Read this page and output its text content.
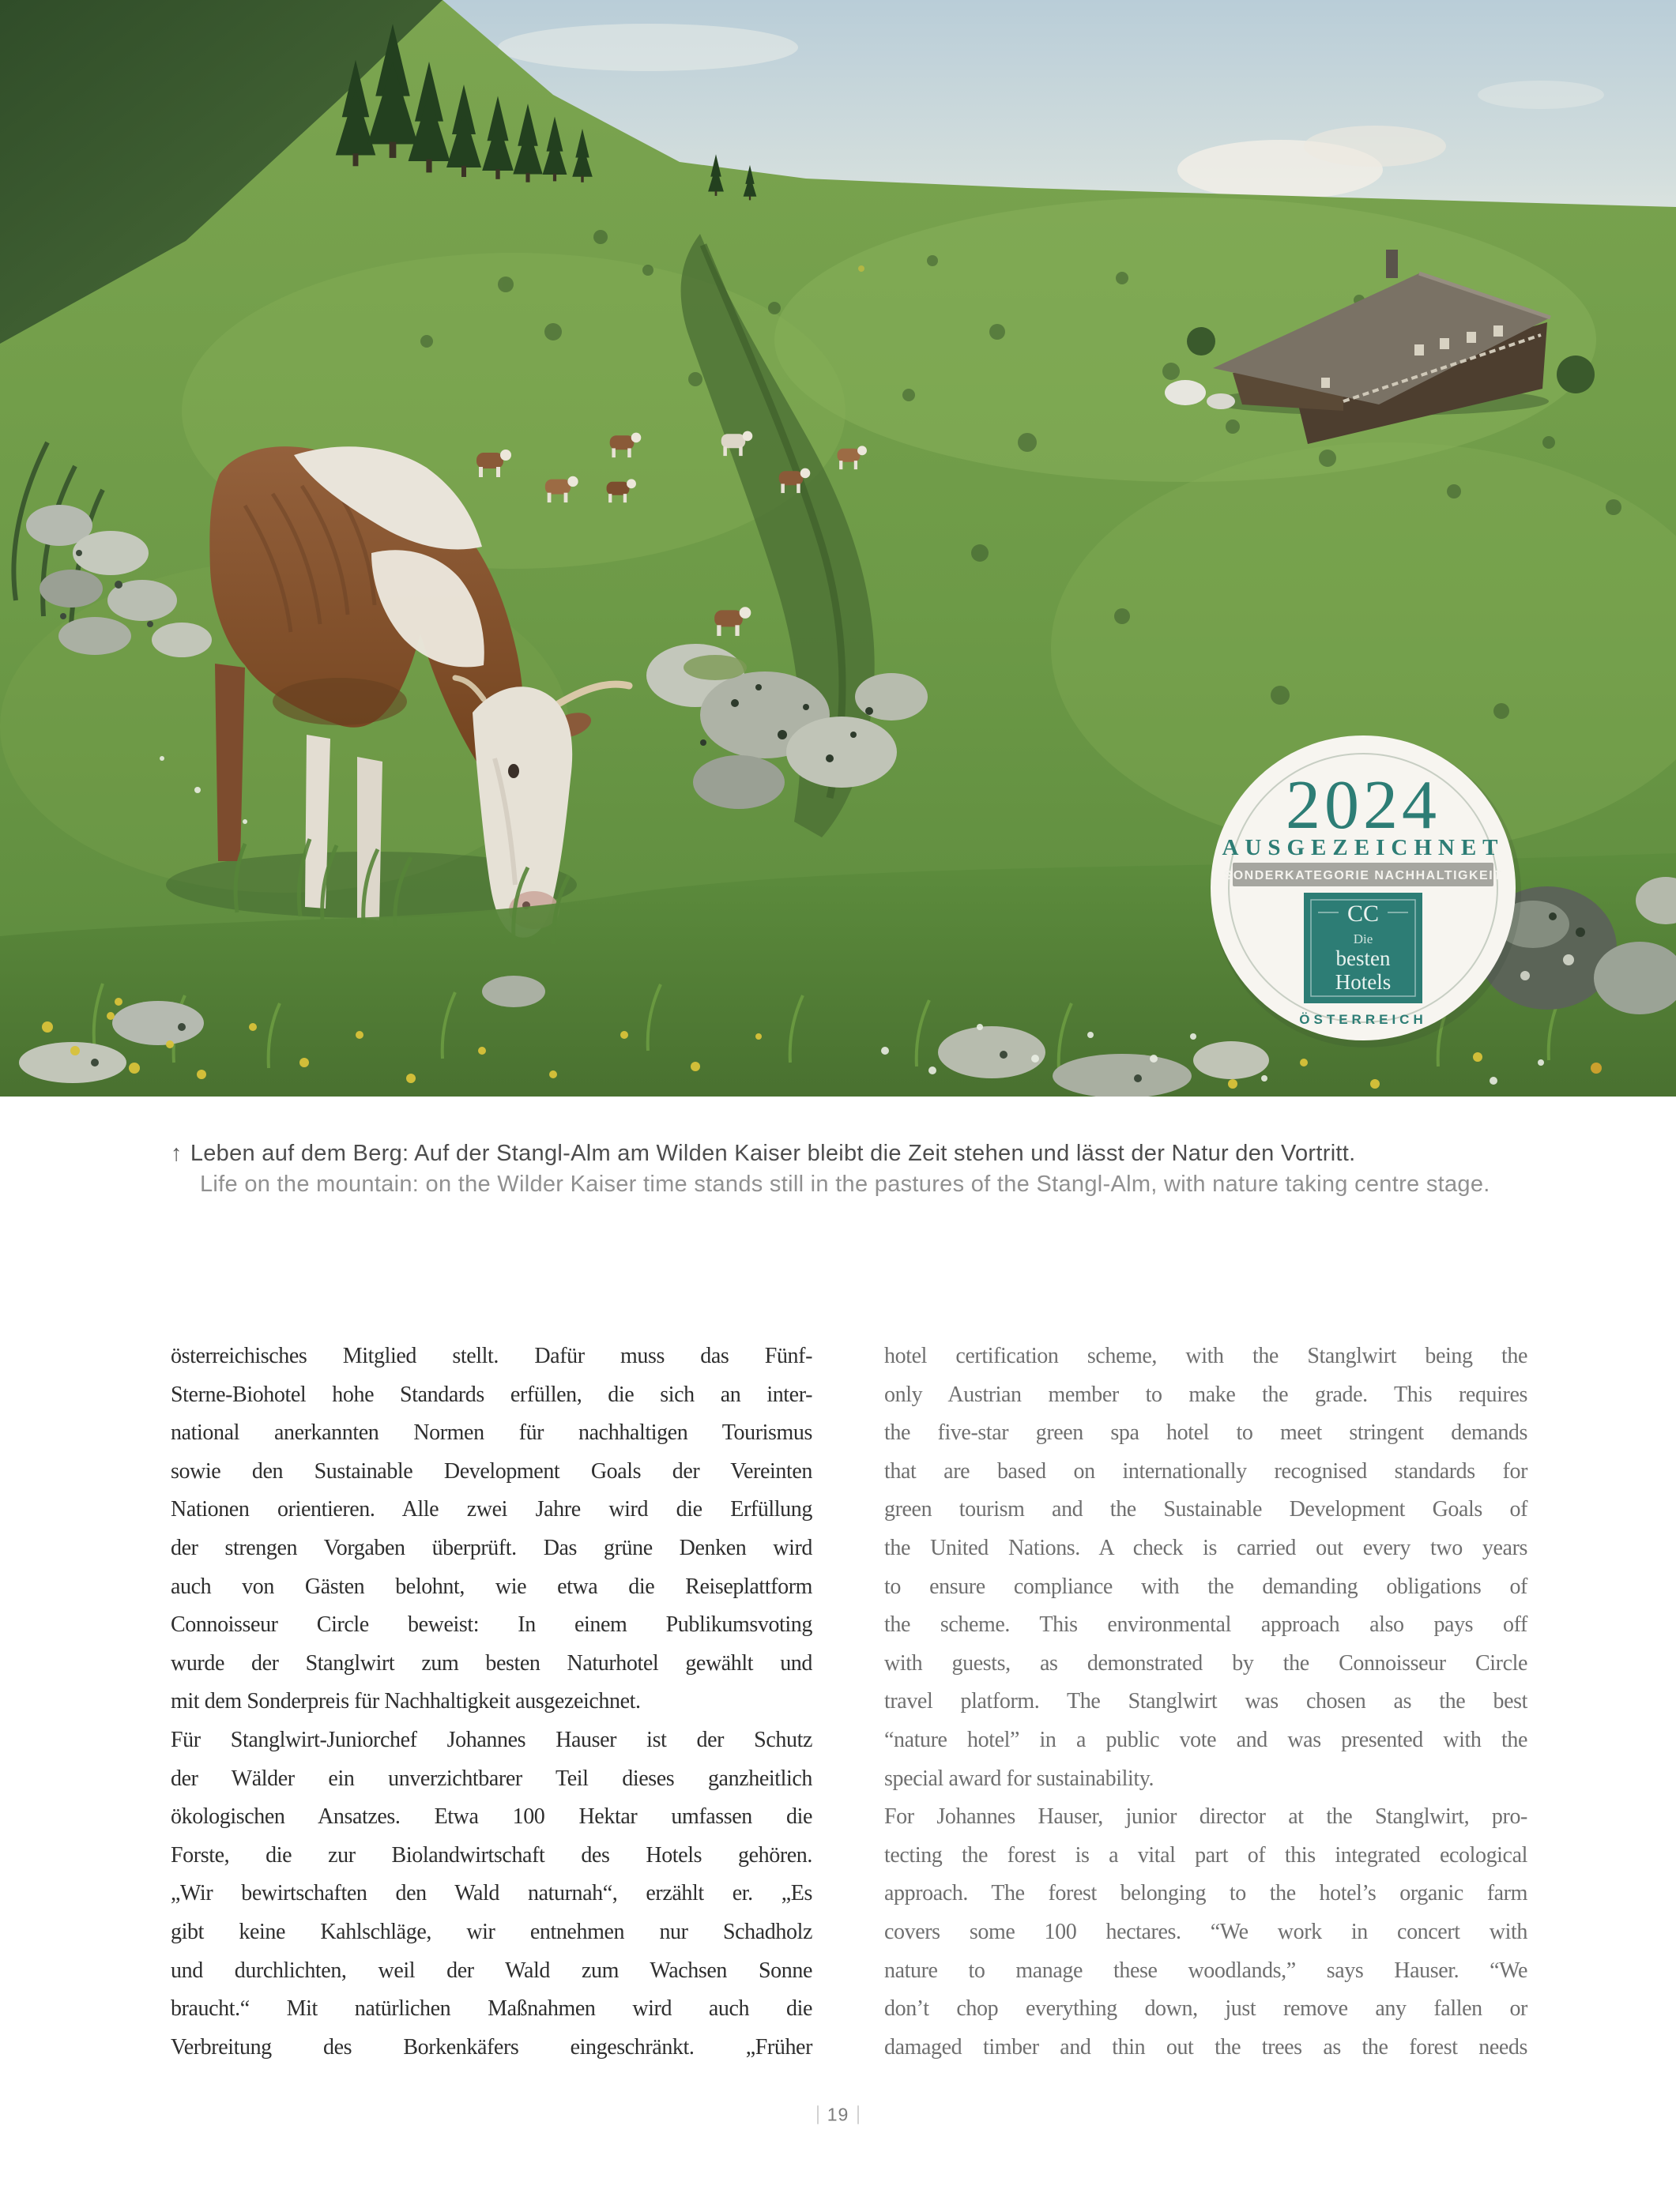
2024
AUSGEZEICHNET
SONDERKATEGORIE NACHHALTIGKEIT
CC
Die
besten
Hotels
ÖSTERREICH

↑ Leben auf dem Berg: Auf der Stangl-Alm am Wilden Kaiser bleibt die Zeit stehen und lässt der Natur den Vortritt.

Life on the mountain: on the Wilder Kaiser time stands still in the pastures of the Stangl-Alm, with nature taking centre stage.

österreichisches Mitglied stellt. Dafür muss das Fünf-
Sterne-Biohotel hohe Standards erfüllen, die sich an inter-
national anerkannten Normen für nachhaltigen Tourismus
sowie den Sustainable Development Goals der Vereinten
Nationen orientieren. Alle zwei Jahre wird die Erfüllung
der strengen Vorgaben überprüft. Das grüne Denken wird
auch von Gästen belohnt, wie etwa die Reiseplattform
Connoisseur Circle beweist: In einem Publikumsvoting
wurde der Stanglwirt zum besten Naturhotel gewählt und
mit dem Sonderpreis für Nachhaltigkeit ausgezeichnet.
Für Stanglwirt-Juniorchef Johannes Hauser ist der Schutz
der Wälder ein unverzichtbarer Teil dieses ganzheitlich
ökologischen Ansatzes. Etwa 100 Hektar umfassen die
Forste, die zur Biolandwirtschaft des Hotels gehören.
„Wir bewirtschaften den Wald naturnah“, erzählt er. „Es
gibt keine Kahlschläge, wir entnehmen nur Schadholz
und durchlichten, weil der Wald zum Wachsen Sonne
braucht.“ Mit natürlichen Maßnahmen wird auch die
Verbreitung des Borkenkäfers eingeschränkt. „Früher
hotel certification scheme, with the Stanglwirt being the
only Austrian member to make the grade. This requires
the five-star green spa hotel to meet stringent demands
that are based on internationally recognised standards for
green tourism and the Sustainable Development Goals of
the United Nations. A check is carried out every two years
to ensure compliance with the demanding obligations of
the scheme. This environmental approach also pays off
with guests, as demonstrated by the Connoisseur Circle
travel platform. The Stanglwirt was chosen as the best
“nature hotel” in a public vote and was presented with the
special award for sustainability.
For Johannes Hauser, junior director at the Stanglwirt, pro-
tecting the forest is a vital part of this integrated ecological
approach. The forest belonging to the hotel’s organic farm
covers some 100 hectares. “We work in concert with
nature to manage these woodlands,” says Hauser. “We
don’t chop everything down, just remove any fallen or
damaged timber and thin out the trees as the forest needs
19
